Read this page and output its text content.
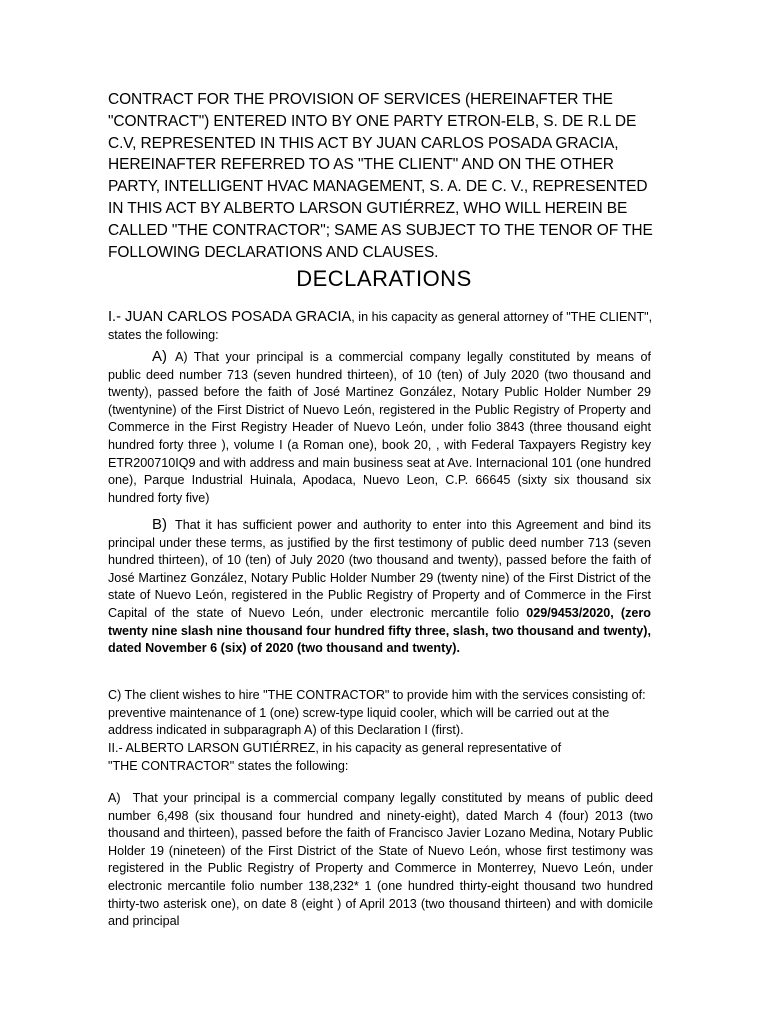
CONTRACT FOR THE PROVISION OF SERVICES (HEREINAFTER THE "CONTRACT") ENTERED INTO BY ONE PARTY ETRON-ELB, S. DE R.L DE C.V, REPRESENTED IN THIS ACT BY JUAN CARLOS POSADA GRACIA, HEREINAFTER REFERRED TO AS "THE CLIENT" AND ON THE OTHER PARTY, INTELLIGENT HVAC MANAGEMENT, S. A. DE C. V., REPRESENTED IN THIS ACT BY ALBERTO LARSON GUTIÉRREZ, WHO WILL HEREIN BE CALLED "THE CONTRACTOR"; SAME AS SUBJECT TO THE TENOR OF THE FOLLOWING DECLARATIONS AND CLAUSES.
DECLARATIONS
I.- JUAN CARLOS POSADA GRACIA, in his capacity as general attorney of "THE CLIENT", states the following:
A) A) That your principal is a commercial company legally constituted by means of public deed number 713 (seven hundred thirteen), of 10 (ten) of July 2020 (two thousand and twenty), passed before the faith of José Martinez González, Notary Public Holder Number 29 (twentynine) of the First District of Nuevo León, registered in the Public Registry of Property and Commerce in the First Registry Header of Nuevo León, under folio 3843 (three thousand eight hundred forty three ), volume I (a Roman one), book 20, , with Federal Taxpayers Registry key ETR200710IQ9 and with address and main business seat at Ave. Internacional 101 (one hundred one), Parque Industrial Huinala, Apodaca, Nuevo Leon, C.P. 66645 (sixty six thousand six hundred forty five)
B) That it has sufficient power and authority to enter into this Agreement and bind its principal under these terms, as justified by the first testimony of public deed number 713 (seven hundred thirteen), of 10 (ten) of July 2020 (two thousand and twenty), passed before the faith of José Martinez González, Notary Public Holder Number 29 (twenty nine) of the First District of the state of Nuevo León, registered in the Public Registry of Property and of Commerce in the First Capital of the state of Nuevo León, under electronic mercantile folio 029/9453/2020, (zero twenty nine slash nine thousand four hundred fifty three, slash, two thousand and twenty), dated November 6 (six) of 2020 (two thousand and twenty).
C) The client wishes to hire "THE CONTRACTOR" to provide him with the services consisting of: preventive maintenance of 1 (one) screw-type liquid cooler, which will be carried out at the address indicated in subparagraph A) of this Declaration I (first).
II.- ALBERTO LARSON GUTIÉRREZ, in his capacity as general representative of
"THE CONTRACTOR" states the following:
A) That your principal is a commercial company legally constituted by means of public deed number 6,498 (six thousand four hundred and ninety-eight), dated March 4 (four) 2013 (two thousand and thirteen), passed before the faith of Francisco Javier Lozano Medina, Notary Public Holder 19 (nineteen) of the First District of the State of Nuevo León, whose first testimony was registered in the Public Registry of Property and Commerce in Monterrey, Nuevo León, under electronic mercantile folio number 138,232* 1 (one hundred thirty-eight thousand two hundred thirty-two asterisk one), on date 8 (eight ) of April 2013 (two thousand thirteen) and with domicile and principal
